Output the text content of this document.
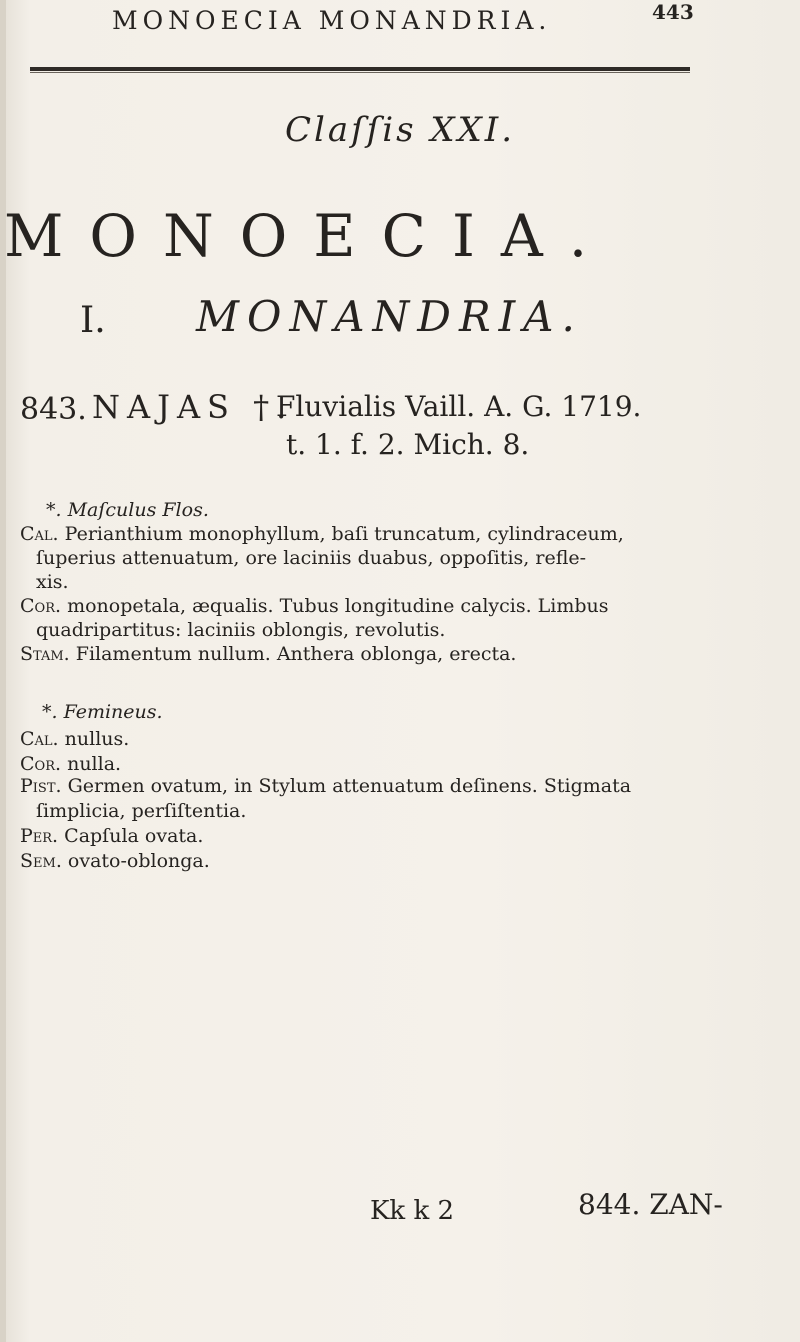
MONOECIA MONANDRIA.	443
Claſſis XXI.
MONOECIA.
I. MONANDRIA.
843. NAJAS †.
Fluvialis Vaill. A. G. 1719.
t. 1. f. 2. Mich. 8.
*. Maſculus Flos.
Cal. Perianthium monophyllum, baſi truncatum, cylindraceum,
ſuperius attenuatum, ore laciniis duabus, oppoſitis, refle-
xis.
Cor. monopetala, æqualis. Tubus longitudine calycis. Limbus
quadripartitus: laciniis oblongis, revolutis.
Stam. Filamentum nullum. Anthera oblonga, erecta.
*. Femineus.
Cal. nullus.
Cor. nulla.
Pist. Germen ovatum, in Stylum attenuatum deſinens. Stigmata
ſimplicia, perſiſtentia.
Per. Capſula ovata.
Sem. ovato-oblonga.
Kk k 2	844. ZAN-
